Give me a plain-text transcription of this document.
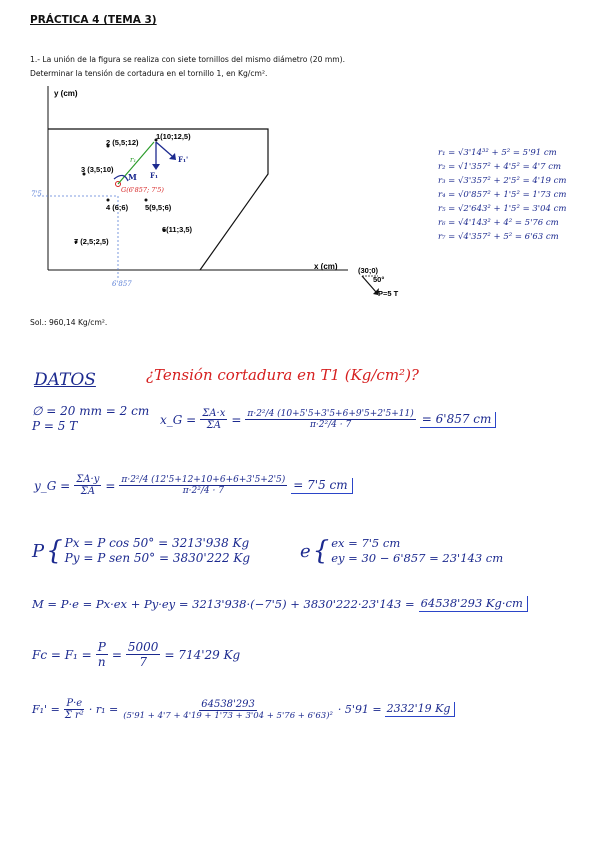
PRÁCTICA 4 (TEMA 3)
1.- La unión de la figura se realiza con siete tornillos del mismo diámetro (20 mm).
Determinar la tensión de cortadura en el tornillo 1, en Kg/cm².
y (cm)
x (cm)
7'5
6'857
1(10;12,5)
2 (5,5;12)
3 (3,5;10)
4 (6;6) 5(9,5;6)
6(11;3,5)
7 (2,5;2,5)
G(6'857; 7'5)
r₁
M F₁
F₁'
(30;0)
50°
P=5 T
r₁ = √3'14³² + 5² = 5'91 cm
r₂ = √1'357² + 4'5² = 4'7 cm
r₃ = √3'357² + 2'5² = 4'19 cm
r₄ = √0'857² + 1'5² = 1'73 cm
r₅ = √2'643² + 1'5² = 3'04 cm
r₆ = √4'143² + 4² = 5'76 cm
r₇ = √4'357² + 5² = 6'63 cm
Sol.: 960,14 Kg/cm².
DATOS	¿Tensión cortadura en T1 (Kg/cm²)?
∅ = 20 mm = 2 cm
P = 5 T	x_G = $\frac{\Sigma A\cdot x}{\Sigma A} = \frac{\text{π·2²/4 (10+5'5+3'5+6+9'5+2'5+11)}}{\text{π·2²/4 · 7}} = 6'857$ cm
y_G = $\frac{\Sigma A\cdot y}{\Sigma A} = \frac{\text{π·2²/4 (12'5+12+10+6+6+3'5+2'5)}}{\text{π·2²/4 · 7}} = 7'5$ cm
P { Px = P cos 50° = 3213'938 Kg
Py = P sen 50° = 3830'222 Kg	e { ex = 7'5 cm
ey = 30 − 6'857 = 23'143 cm
M = P·e = Px·ex + Py·ey = 3213'938·(−7'5) + 3830'222·23'143 = 64538'293 Kg·cm
$Fc = F_1 = \frac{P}{n} = \frac{5000}{7} = 714'29$ Kg
$F_1' = \frac{P\cdot e}{\text{Σ r²}} \cdot r_1 = \frac{64538'293}{\text{(5'91 + 4'7 + 4'19 + 1'73 + 3'04 + 5'76 + 6'63)²}} \cdot 5'91 = 2332'19$ Kg
